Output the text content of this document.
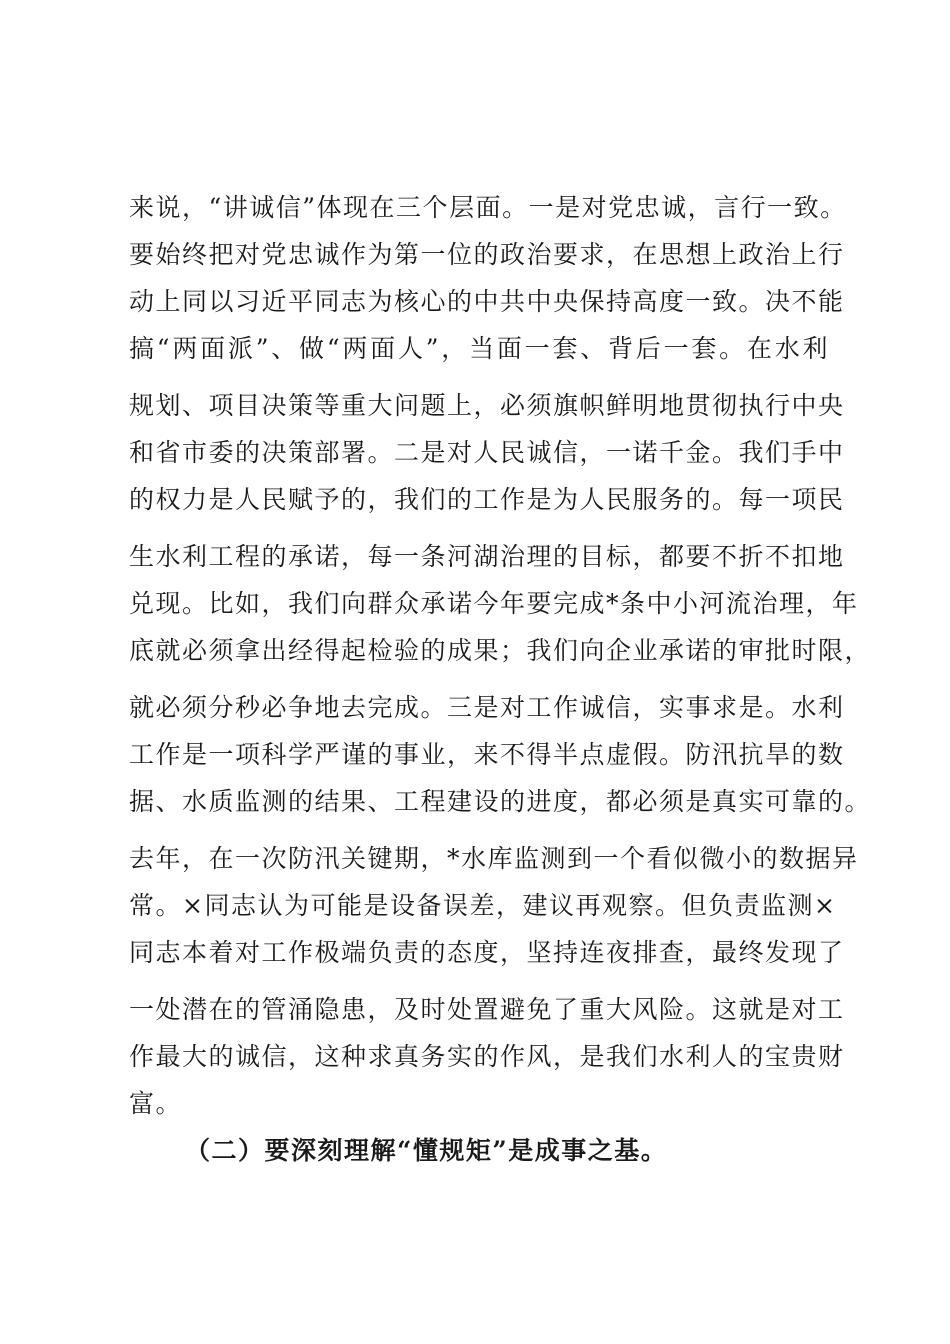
来说，“讲诚信”体现在三个层面。一是对党忠诚，言行一致。
要始终把对党忠诚作为第一位的政治要求，在思想上政治上行
动上同以习近平同志为核心的中共中央保持高度一致。决不能
搞“两面派”、做“两面人”，当面一套、背后一套。在水利
规划、项目决策等重大问题上，必须旗帜鲜明地贯彻执行中央
和省市委的决策部署。二是对人民诚信，一诺千金。我们手中
的权力是人民赋予的，我们的工作是为人民服务的。每一项民
生水利工程的承诺，每一条河湖治理的目标，都要不折不扣地
兑现。比如，我们向群众承诺今年要完成*条中小河流治理，年
底就必须拿出经得起检验的成果；我们向企业承诺的审批时限，
就必须分秒必争地去完成。三是对工作诚信，实事求是。水利
工作是一项科学严谨的事业，来不得半点虚假。防汛抗旱的数
据、水质监测的结果、工程建设的进度，都必须是真实可靠的。
去年，在一次防汛关键期，*水库监测到一个看似微小的数据异
常。×同志认为可能是设备误差，建议再观察。但负责监测×
同志本着对工作极端负责的态度，坚持连夜排查，最终发现了
一处潜在的管涌隐患，及时处置避免了重大风险。这就是对工
作最大的诚信，这种求真务实的作风，是我们水利人的宝贵财
富。
（二）要深刻理解“懂规矩”是成事之基。
